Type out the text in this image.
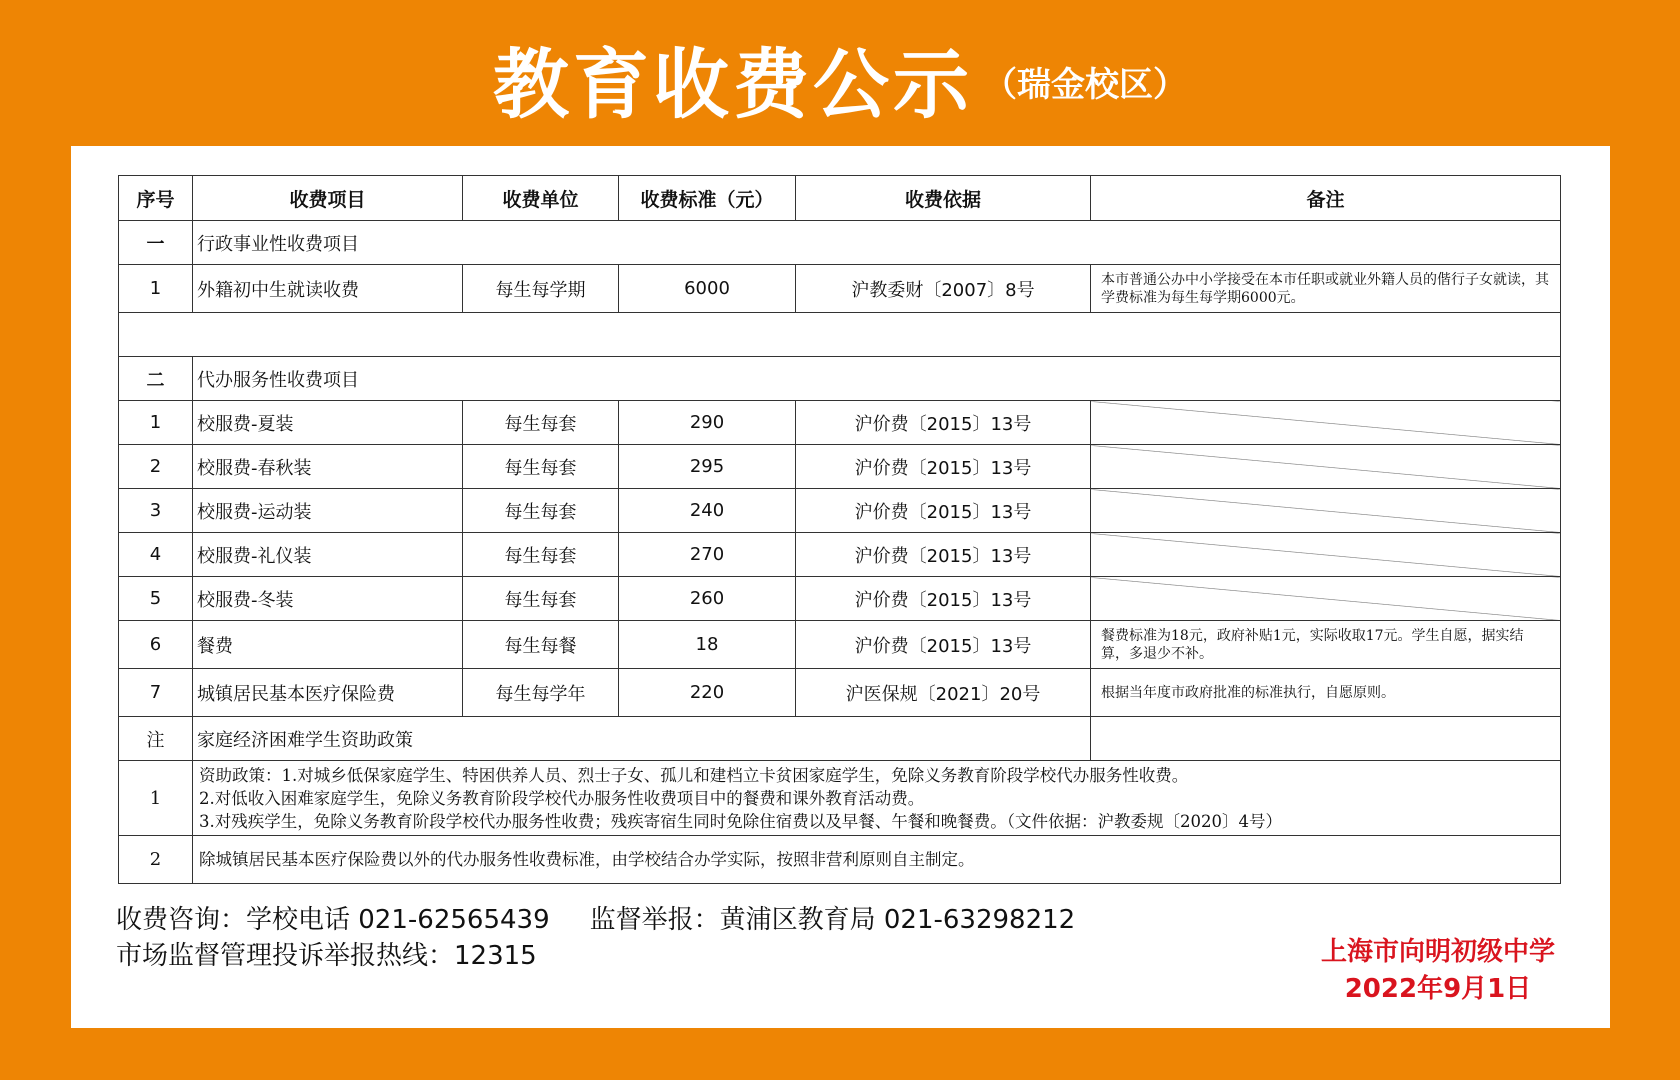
教育收费公示 （瑞金校区）
序号	收费项目	收费单位	收费标准（元）	收费依据	备注
一	行政事业性收费项目				
1	外籍初中生就读收费	每生每学期	6000	沪教委财〔2007〕8号	本市普通公办中小学接受在本市任职或就业外籍人员的偕行子女就读，其学费标准为每生每学期6000元。

二	代办服务性收费项目				
1	校服费-夏装	每生每套	290	沪价费〔2015〕13号	
2	校服费-春秋装	每生每套	295	沪价费〔2015〕13号	
3	校服费-运动装	每生每套	240	沪价费〔2015〕13号	
4	校服费-礼仪装	每生每套	270	沪价费〔2015〕13号	
5	校服费-冬装	每生每套	260	沪价费〔2015〕13号	
6	餐费	每生每餐	18	沪价费〔2015〕13号	餐费标准为18元，政府补贴1元，实际收取17元。学生自愿，据实结算，多退少不补。
7	城镇居民基本医疗保险费	每生每学年	220	沪医保规〔2021〕20号	根据当年度市政府批准的标准执行，自愿原则。
注	家庭经济困难学生资助政策				
1	资助政策：1.对城乡低保家庭学生、特困供养人员、烈士子女、孤儿和建档立卡贫困家庭学生，免除义务教育阶段学校代办服务性收费。
2.对低收入困难家庭学生，免除义务教育阶段学校代办服务性收费项目中的餐费和课外教育活动费。
3.对残疾学生，免除义务教育阶段学校代办服务性收费；残疾寄宿生同时免除住宿费以及早餐、午餐和晚餐费。（文件依据：沪教委规〔2020〕4号）				

2	除城镇居民基本医疗保险费以外的代办服务性收费标准，由学校结合办学实际，按照非营利原则自主制定。				
收费咨询：学校电话 021-62565439 监督举报：黄浦区教育局 021-63298212
市场监督管理投诉举报热线：12315	上海市向明初级中学
2022年9月1日
